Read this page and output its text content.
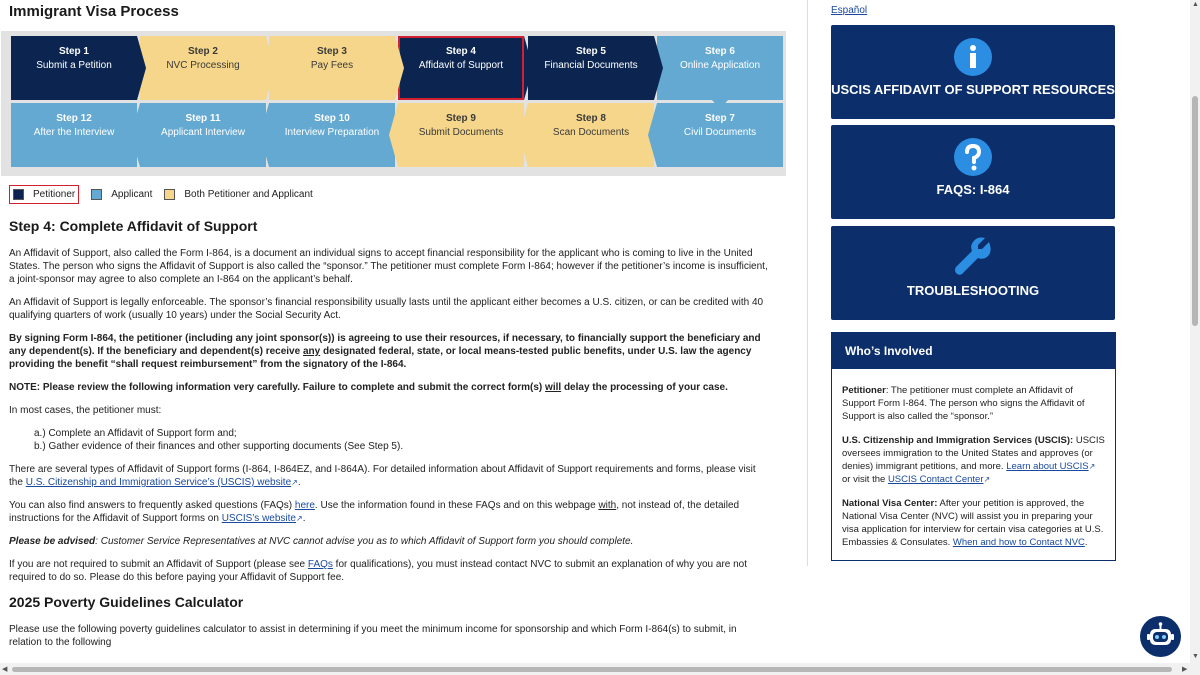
Immigrant Visa Process
Step 1
Submit a Petition
Step 2
NVC Processing
Step 3
Pay Fees
Step 4
Affidavit of Support
Step 5
Financial Documents
Step 6
Online Application
Step 12
After the Interview
Step 11
Applicant Interview
Step 10
Interview Preparation
Step 9
Submit Documents
Step 8
Scan Documents
Step 7
Civil Documents
Petitioner	Applicant	Both Petitioner and Applicant
Step 4: Complete Affidavit of Support

An Affidavit of Support, also called the Form I-864, is a document an individual signs to accept financial responsibility for the applicant who is coming to live in the United States. The person who signs the Affidavit of Support is also called the “sponsor.” The petitioner must complete Form I-864; however if the petitioner’s income is insufficient, a joint-sponsor may agree to also complete an I-864 on the applicant’s behalf.

An Affidavit of Support is legally enforceable. The sponsor’s financial responsibility usually lasts until the applicant either becomes a U.S. citizen, or can be credited with 40 qualifying quarters of work (usually 10 years) under the Social Security Act.

By signing Form I-864, the petitioner (including any joint sponsor(s)) is agreeing to use their resources, if necessary, to financially support the beneficiary and any dependent(s). If the beneficiary and dependent(s) receive any designated federal, state, or local means-tested public benefits, under U.S. law the agency providing the benefit “shall request reimbursement” from the signatory of the I-864.

NOTE: Please review the following information very carefully. Failure to complete and submit the correct form(s) will delay the processing of your case.

In most cases, the petitioner must:

a.) Complete an Affidavit of Support form and;
b.) Gather evidence of their finances and other supporting documents (See Step 5).

There are several types of Affidavit of Support forms (I-864, I-864EZ, and I-864A). For detailed information about Affidavit of Support requirements and forms, please visit the U.S. Citizenship and Immigration Service’s (USCIS) website↗.

You can also find answers to frequently asked questions (FAQs) here. Use the information found in these FAQs and on this webpage with, not instead of, the detailed instructions for the Affidavit of Support forms on USCIS’s website↗.

Please be advised: Customer Service Representatives at NVC cannot advise you as to which Affidavit of Support form you should complete.

If you are not required to submit an Affidavit of Support (please see FAQs for qualifications), you must instead contact NVC to submit an explanation of why you are not required to do so. Please do this before paying your Affidavit of Support fee.

2025 Poverty Guidelines Calculator

Please use the following poverty guidelines calculator to assist in determining if you meet the minimum income for sponsorship and which Form I-864(s) to submit, in relation to the following

Español
USCIS AFFIDAVIT OF SUPPORT RESOURCES
FAQS: I-864
TROUBLESHOOTING
Who’s Involved

Petitioner: The petitioner must complete an Affidavit of Support Form I-864. The person who signs the Affidavit of Support is also called the “sponsor.”

U.S. Citizenship and Immigration Services (USCIS): USCIS oversees immigration to the United States and approves (or denies) immigrant petitions, and more. Learn about USCIS↗ or visit the USCIS Contact Center↗

National Visa Center: After your petition is approved, the National Visa Center (NVC) will assist you in preparing your visa application for interview for certain visa categories at U.S. Embassies & Consulates. When and how to Contact NVC.

▲
▼
◀	▶
